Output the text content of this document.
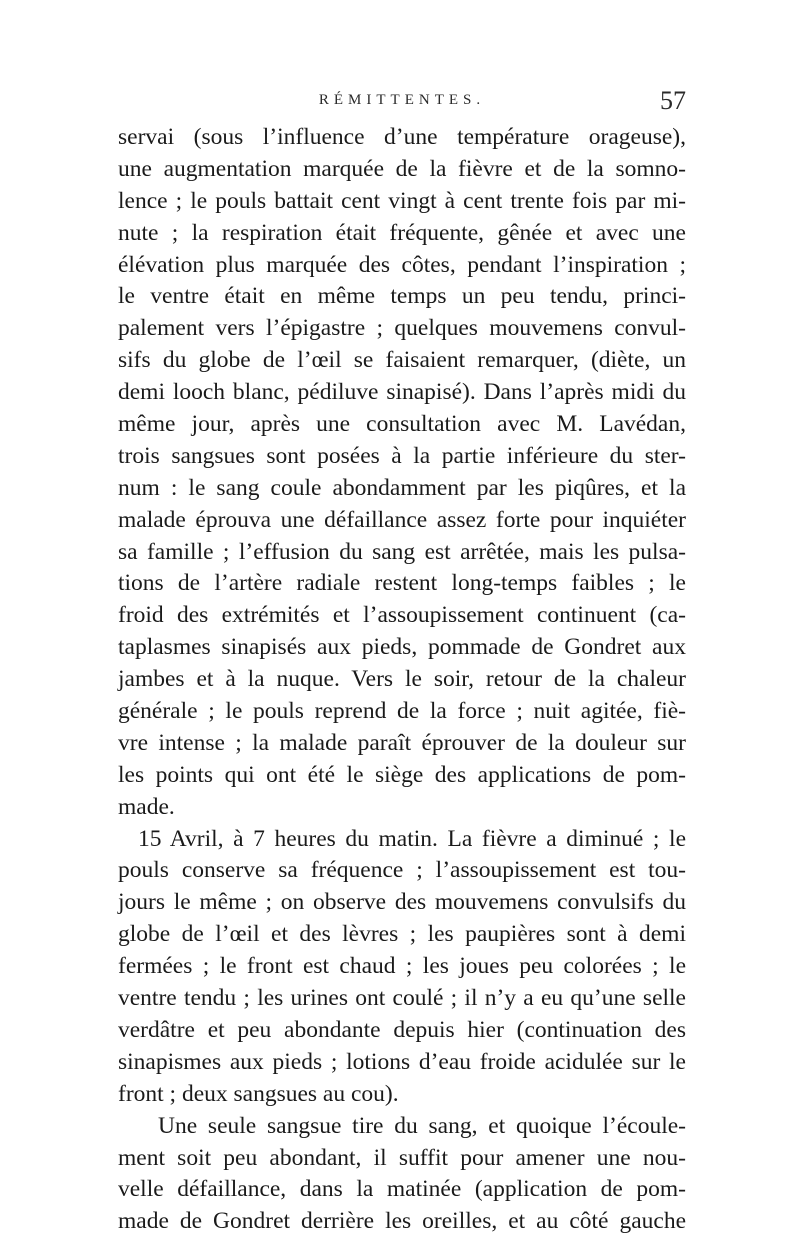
RÉMITTENTES.	57
servai (sous l’influence d’une température orageuse),
une augmentation marquée de la fièvre et de la somno-
lence ; le pouls battait cent vingt à cent trente fois par mi-
nute ; la respiration était fréquente, gênée et avec une
élévation plus marquée des côtes, pendant l’inspiration ;
le ventre était en même temps un peu tendu, princi-
palement vers l’épigastre ; quelques mouvemens convul-
sifs du globe de l’œil se faisaient remarquer, (diète, un
demi looch blanc, pédiluve sinapisé). Dans l’après midi du
même jour, après une consultation avec M. Lavédan,
trois sangsues sont posées à la partie inférieure du ster-
num : le sang coule abondamment par les piqûres, et la
malade éprouva une défaillance assez forte pour inquiéter
sa famille ; l’effusion du sang est arrêtée, mais les pulsa-
tions de l’artère radiale restent long-temps faibles ; le
froid des extrémités et l’assoupissement continuent (ca-
taplasmes sinapisés aux pieds, pommade de Gondret aux
jambes et à la nuque. Vers le soir, retour de la chaleur
générale ; le pouls reprend de la force ; nuit agitée, fiè-
vre intense ; la malade paraît éprouver de la douleur sur
les points qui ont été le siège des applications de pom-
made.
15 Avril, à 7 heures du matin. La fièvre a diminué ; le
pouls conserve sa fréquence ; l’assoupissement est tou-
jours le même ; on observe des mouvemens convulsifs du
globe de l’œil et des lèvres ; les paupières sont à demi
fermées ; le front est chaud ; les joues peu colorées ; le
ventre tendu ; les urines ont coulé ; il n’y a eu qu’une selle
verdâtre et peu abondante depuis hier (continuation des
sinapismes aux pieds ; lotions d’eau froide acidulée sur le
front ; deux sangsues au cou).
Une seule sangsue tire du sang, et quoique l’écoule-
ment soit peu abondant, il suffit pour amener une nou-
velle défaillance, dans la matinée (application de pom-
made de Gondret derrière les oreilles, et au côté gauche
